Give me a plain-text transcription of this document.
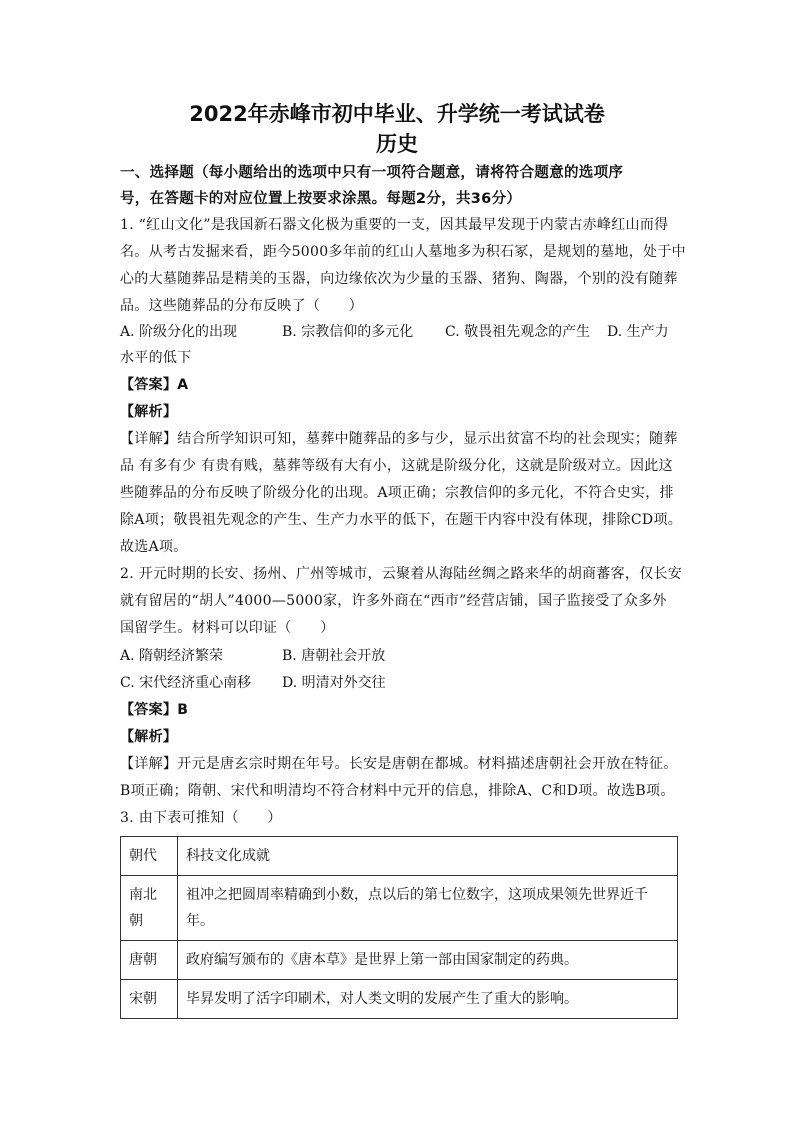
2022年赤峰市初中毕业、升学统一考试试卷
历史
一、选择题（每小题给出的选项中只有一项符合题意，请将符合题意的选项序
号，在答题卡的对应位置上按要求涂黑。每题2分，共36分）
1. “红山文化”是我国新石器文化极为重要的一支，因其最早发现于内蒙古赤峰红山而得
名。从考古发掘来看，距今5000多年前的红山人墓地多为积石冢，是规划的墓地，处于中
心的大墓随葬品是精美的玉器，向边缘依次为少量的玉器、猪狗、陶器，个别的没有随葬
品。这些随葬品的分布反映了（　　）
A. 阶级分化的出现	B. 宗教信仰的多元化 C. 敬畏祖先观念的产生 D. 生产力
水平的低下
【答案】A
【解析】
【详解】结合所学知识可知，墓葬中随葬品的多与少，显示出贫富不均的社会现实；随葬
品 有多有少 有贵有贱，墓葬等级有大有小，这就是阶级分化，这就是阶级对立。因此这
些随葬品的分布反映了阶级分化的出现。A项正确；宗教信仰的多元化，不符合史实，排
除A项；敬畏祖先观念的产生、生产力水平的低下，在题干内容中没有体现，排除CD项。
故选A项。
2. 开元时期的长安、扬州、广州等城市，云聚着从海陆丝绸之路来华的胡商蕃客，仅长安
就有留居的“胡人”4000—5000家，许多外商在“西市”经营店铺，国子监接受了众多外
国留学生。材料可以印证（　　）
A. 隋朝经济繁荣	B. 唐朝社会开放
C. 宋代经济重心南移 D. 明清对外交往
【答案】B
【解析】
【详解】开元是唐玄宗时期在年号。长安是唐朝在都城。材料描述唐朝社会开放在特征。
B项正确；隋朝、宋代和明清均不符合材料中元开的信息，排除A、C和D项。故选B项。
3. 由下表可推知（　　）
朝代	科技文化成就
南北朝	祖冲之把圆周率精确到小数，点以后的第七位数字，这项成果领先世界近千年。
唐朝	政府编写颁布的《唐本草》是世界上第一部由国家制定的药典。
宋朝	毕昇发明了活字印刷术，对人类文明的发展产生了重大的影响。
